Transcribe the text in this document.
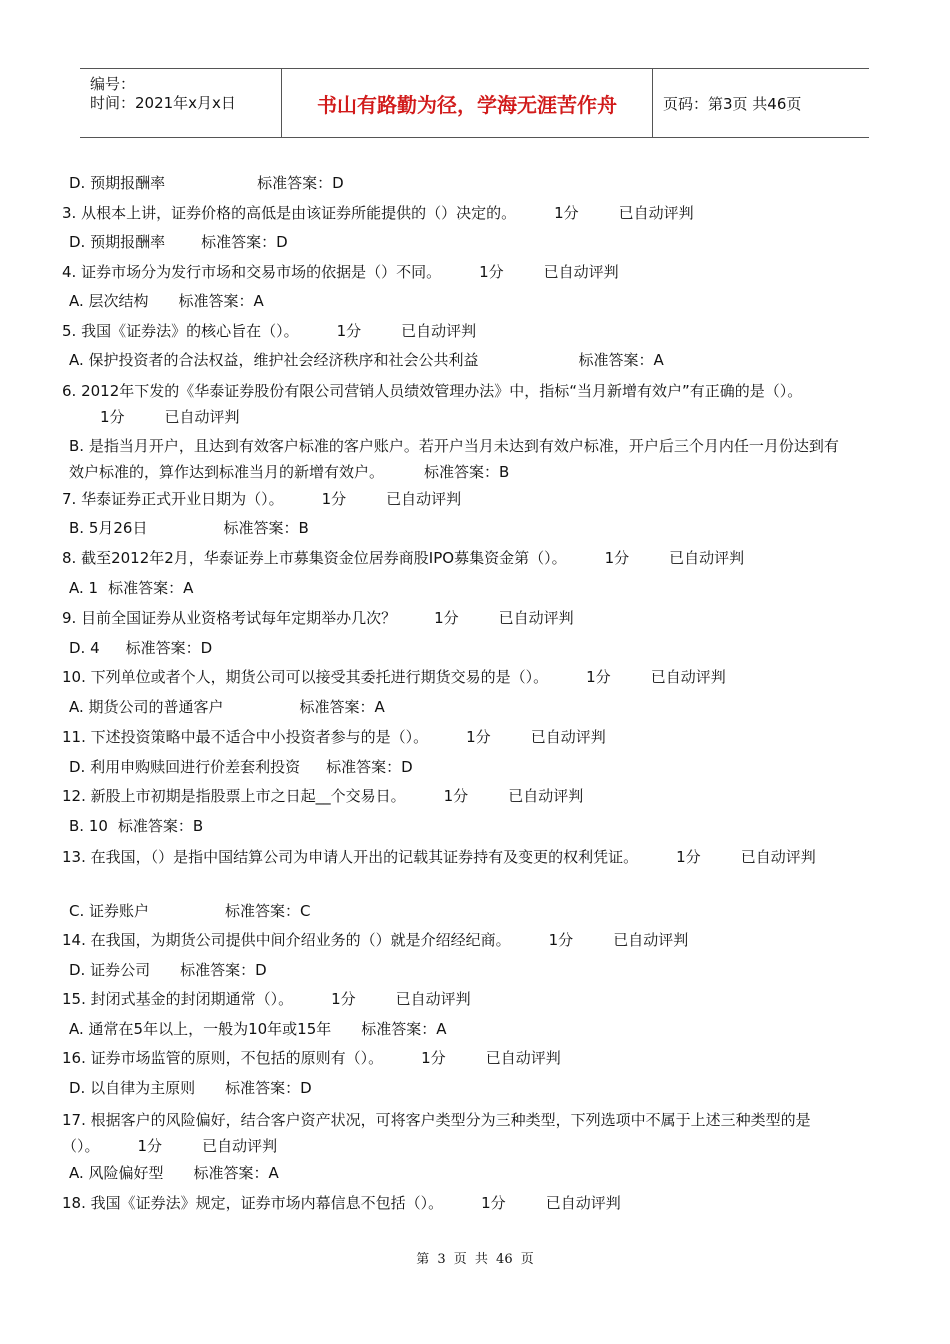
编号：
时间：2021年x月x日	书山有路勤为径，学海无涯苦作舟	页码：第3页 共46页
D. 预期报酬率	标准答案：D
3. 从根本上讲，证券价格的高低是由该证券所能提供的（）决定的。	1分	已自动评判
D. 预期报酬率 标准答案：D
4. 证券市场分为发行市场和交易市场的依据是（）不同。	1分	已自动评判
A. 层次结构 标准答案：A
5. 我国《证券法》的核心旨在（）。	1分	已自动评判
A. 保护投资者的合法权益，维护社会经济秩序和社会公共利益	标准答案：A
6. 2012年下发的《华泰证券股份有限公司营销人员绩效管理办法》中，指标“当月新增有效户”有正确的是（）。1分	已自动评判
B. 是指当月开户，且达到有效客户标准的客户账户。若开户当月未达到有效户标准，开户后三个月内任一月份达到有效户标准的，算作达到标准当月的新增有效户。	标准答案：B
7. 华泰证券正式开业日期为（）。	1分	已自动评判
B. 5月26日	标准答案：B
8. 截至2012年2月，华泰证券上市募集资金位居券商股IPO募集资金第（）。	1分	已自动评判
A. 1 标准答案：A
9. 目前全国证券从业资格考试每年定期举办几次？	1分	已自动评判
D. 4 标准答案：D
10. 下列单位或者个人，期货公司可以接受其委托进行期货交易的是（）。	1分	已自动评判
A. 期货公司的普通客户	标准答案：A
11. 下述投资策略中最不适合中小投资者参与的是（）。	1分	已自动评判
D. 利用申购赎回进行价差套利投资 标准答案：D
12. 新股上市初期是指股票上市之日起__个交易日。	1分	已自动评判
B. 10 标准答案：B
13. 在我国，（）是指中国结算公司为申请人开出的记载其证券持有及变更的权利凭证。	1分	已自动评判
C. 证券账户	标准答案：C
14. 在我国，为期货公司提供中间介绍业务的（）就是介绍经纪商。	1分	已自动评判
D. 证券公司 标准答案：D
15. 封闭式基金的封闭期通常（）。	1分	已自动评判
A. 通常在5年以上，一般为10年或15年 标准答案：A
16. 证券市场监管的原则，不包括的原则有（）。	1分	已自动评判
D. 以自律为主原则 标准答案：D
17. 根据客户的风险偏好，结合客户资产状况，可将客户类型分为三种类型，下列选项中不属于上述三种类型的是（）。	1分	已自动评判
A. 风险偏好型 标准答案：A
18. 我国《证券法》规定，证券市场内幕信息不包括（）。	1分	已自动评判
第 3 页 共 46 页
